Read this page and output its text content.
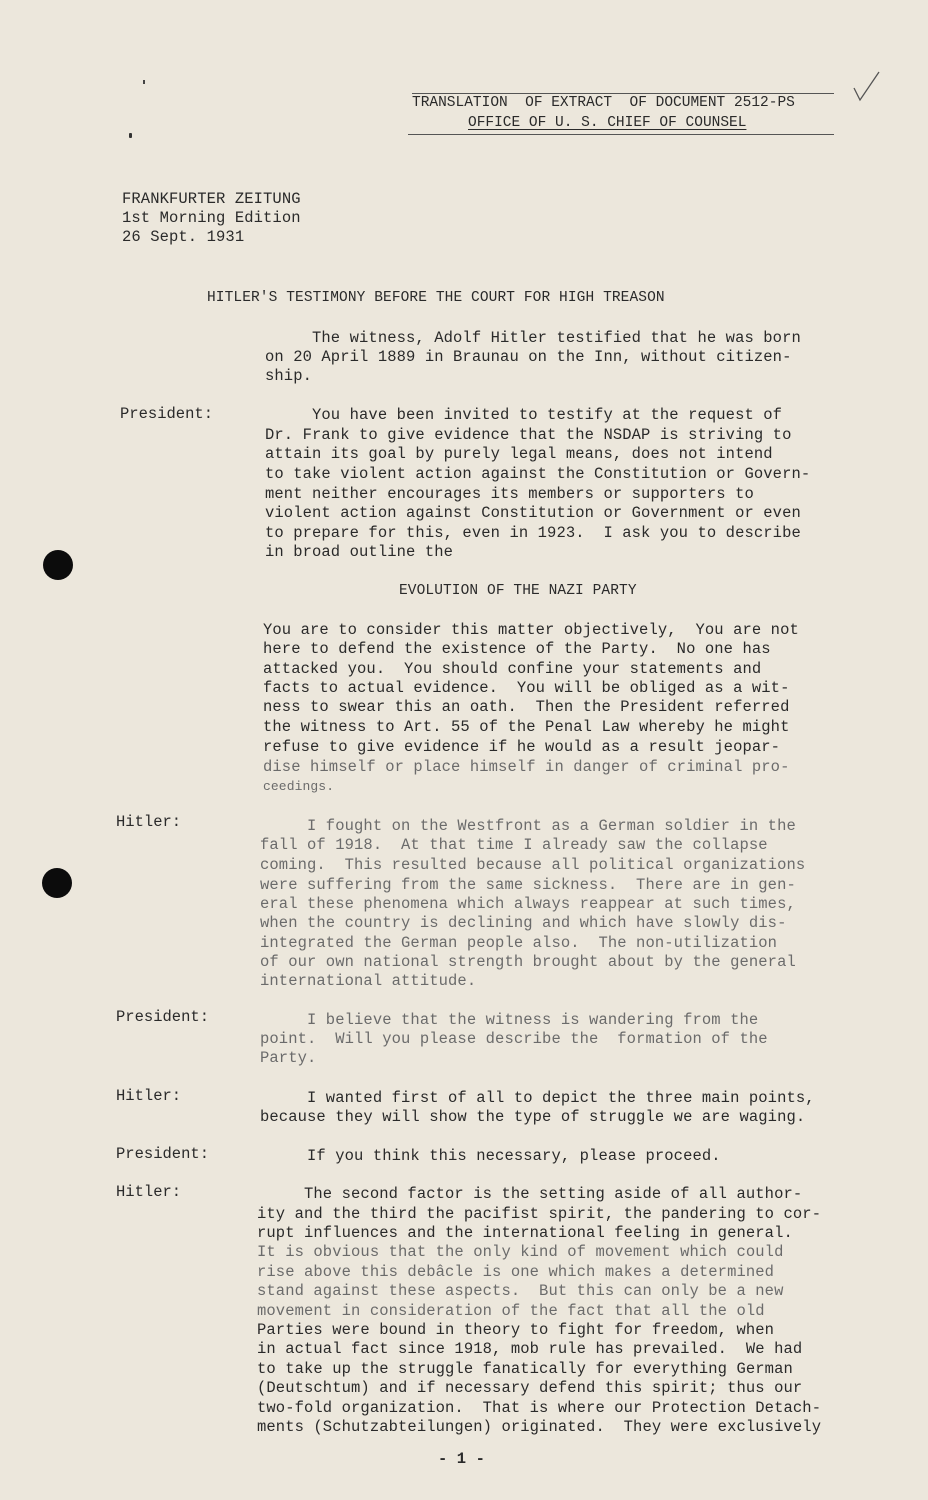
TRANSLATION  OF EXTRACT  OF DOCUMENT 2512-PS
OFFICE OF U. S. CHIEF OF COUNSEL
FRANKFURTER ZEITUNG
1st Morning Edition
26 Sept. 1931
HITLER'S TESTIMONY BEFORE THE COURT FOR HIGH TREASON
The witness, Adolf Hitler testified that he was born
on 20 April 1889 in Braunau on the Inn, without citizen-
ship.
President:	You have been invited to testify at the request of
Dr. Frank to give evidence that the NSDAP is striving to
attain its goal by purely legal means, does not intend
to take violent action against the Constitution or Govern-
ment neither encourages its members or supporters to
violent action against Constitution or Government or even
to prepare for this, even in 1923.  I ask you to describe
in broad outline the
EVOLUTION OF THE NAZI PARTY
You are to consider this matter objectively,  You are not
here to defend the existence of the Party.  No one has
attacked you.  You should confine your statements and
facts to actual evidence.  You will be obliged as a wit-
ness to swear this an oath.  Then the President referred
the witness to Art. 55 of the Penal Law whereby he might
refuse to give evidence if he would as a result jeopar-
dise himself or place himself in danger of criminal pro-
ceedings.
Hitler:	I fought on the Westfront as a German soldier in the
fall of 1918.  At that time I already saw the collapse
coming.  This resulted because all political organizations
were suffering from the same sickness.  There are in gen-
eral these phenomena which always reappear at such times,
when the country is declining and which have slowly dis-
integrated the German people also.  The non-utilization
of our own national strength brought about by the general
international attitude.
President:	I believe that the witness is wandering from the
point.  Will you please describe the  formation of the
Party.
Hitler:	I wanted first of all to depict the three main points,
because they will show the type of struggle we are waging.
President:	If you think this necessary, please proceed.
Hitler:	The second factor is the setting aside of all author-
ity and the third the pacifist spirit, the pandering to cor-
rupt influences and the international feeling in general.
It is obvious that the only kind of movement which could
rise above this debâcle is one which makes a determined
stand against these aspects.  But this can only be a new
movement in consideration of the fact that all the old
Parties were bound in theory to fight for freedom, when
in actual fact since 1918, mob rule has prevailed.  We had
to take up the struggle fanatically for everything German
(Deutschtum) and if necessary defend this spirit; thus our
two-fold organization.  That is where our Protection Detach-
ments (Schutzabteilungen) originated.  They were exclusively
- 1 -
